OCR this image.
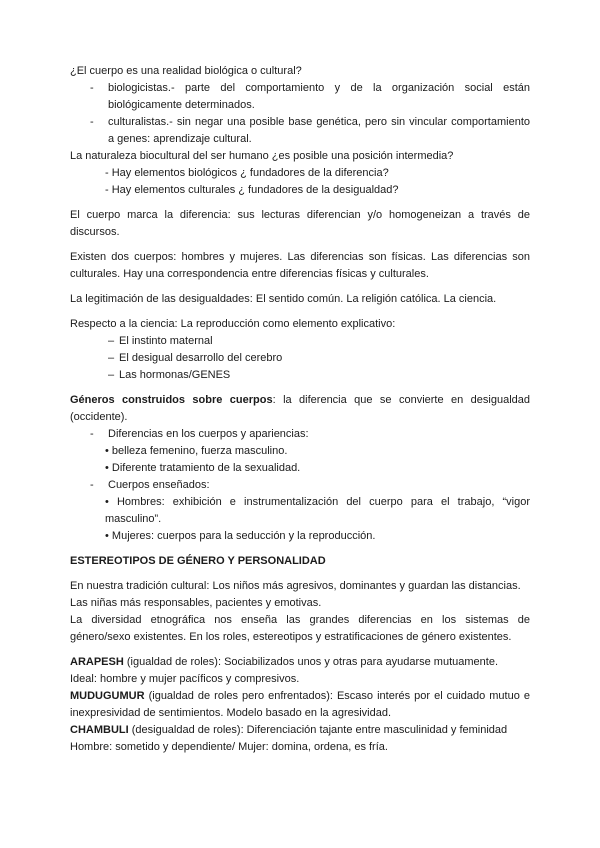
¿El cuerpo es una realidad biológica o cultural?

-	biologicistas.- parte del comportamiento y de la organización social están
biológicamente determinados.
-	culturalistas.- sin negar una posible base genética, pero sin vincular comportamiento
a genes: aprendizaje cultural.

La naturaleza biocultural del ser humano ¿es posible una posición intermedia?

- Hay elementos biológicos ¿ fundadores de la diferencia?

- Hay elementos culturales ¿ fundadores de la desigualdad?

El cuerpo marca la diferencia: sus lecturas diferencian y/o homogeneizan a través de
discursos.
Existen dos cuerpos: hombres y mujeres. Las diferencias son físicas. Las diferencias son
culturales. Hay una correspondencia entre diferencias físicas y culturales.

La legitimación de las desigualdades: El sentido común. La religión católica. La ciencia.

Respecto a la ciencia: La reproducción como elemento explicativo:

– El instinto maternal
– El desigual desarrollo del cerebro
– Las hormonas/GENES
Géneros construidos sobre cuerpos: la diferencia que se convierte en desigualdad
(occidente).
-	Diferencias en los cuerpos y apariencias:

• belleza femenino, fuerza masculino.

• Diferente tratamiento de la sexualidad.

-	Cuerpos enseñados:
• Hombres: exhibición e instrumentalización del cuerpo para el trabajo, “vigor
masculino”.

• Mujeres: cuerpos para la seducción y la reproducción.

ESTEREOTIPOS DE GÉNERO Y PERSONALIDAD

En nuestra tradición cultural: Los niños más agresivos, dominantes y guardan las distancias.
Las niñas más responsables, pacientes y emotivas.
La diversidad etnográfica nos enseña las grandes diferencias en los sistemas de
género/sexo existentes. En los roles, estereotipos y estratificaciones de género existentes.
ARAPESH (igualdad de roles): Sociabilizados unos y otras para ayudarse mutuamente.
Ideal: hombre y mujer pacíficos y compresivos.
MUDUGUMUR (igualdad de roles pero enfrentados): Escaso interés por el cuidado mutuo e
inexpresividad de sentimientos. Modelo basado en la agresividad.
CHAMBULI (desigualdad de roles): Diferenciación tajante entre masculinidad y feminidad
Hombre: sometido y dependiente/ Mujer: domina, ordena, es fría.
